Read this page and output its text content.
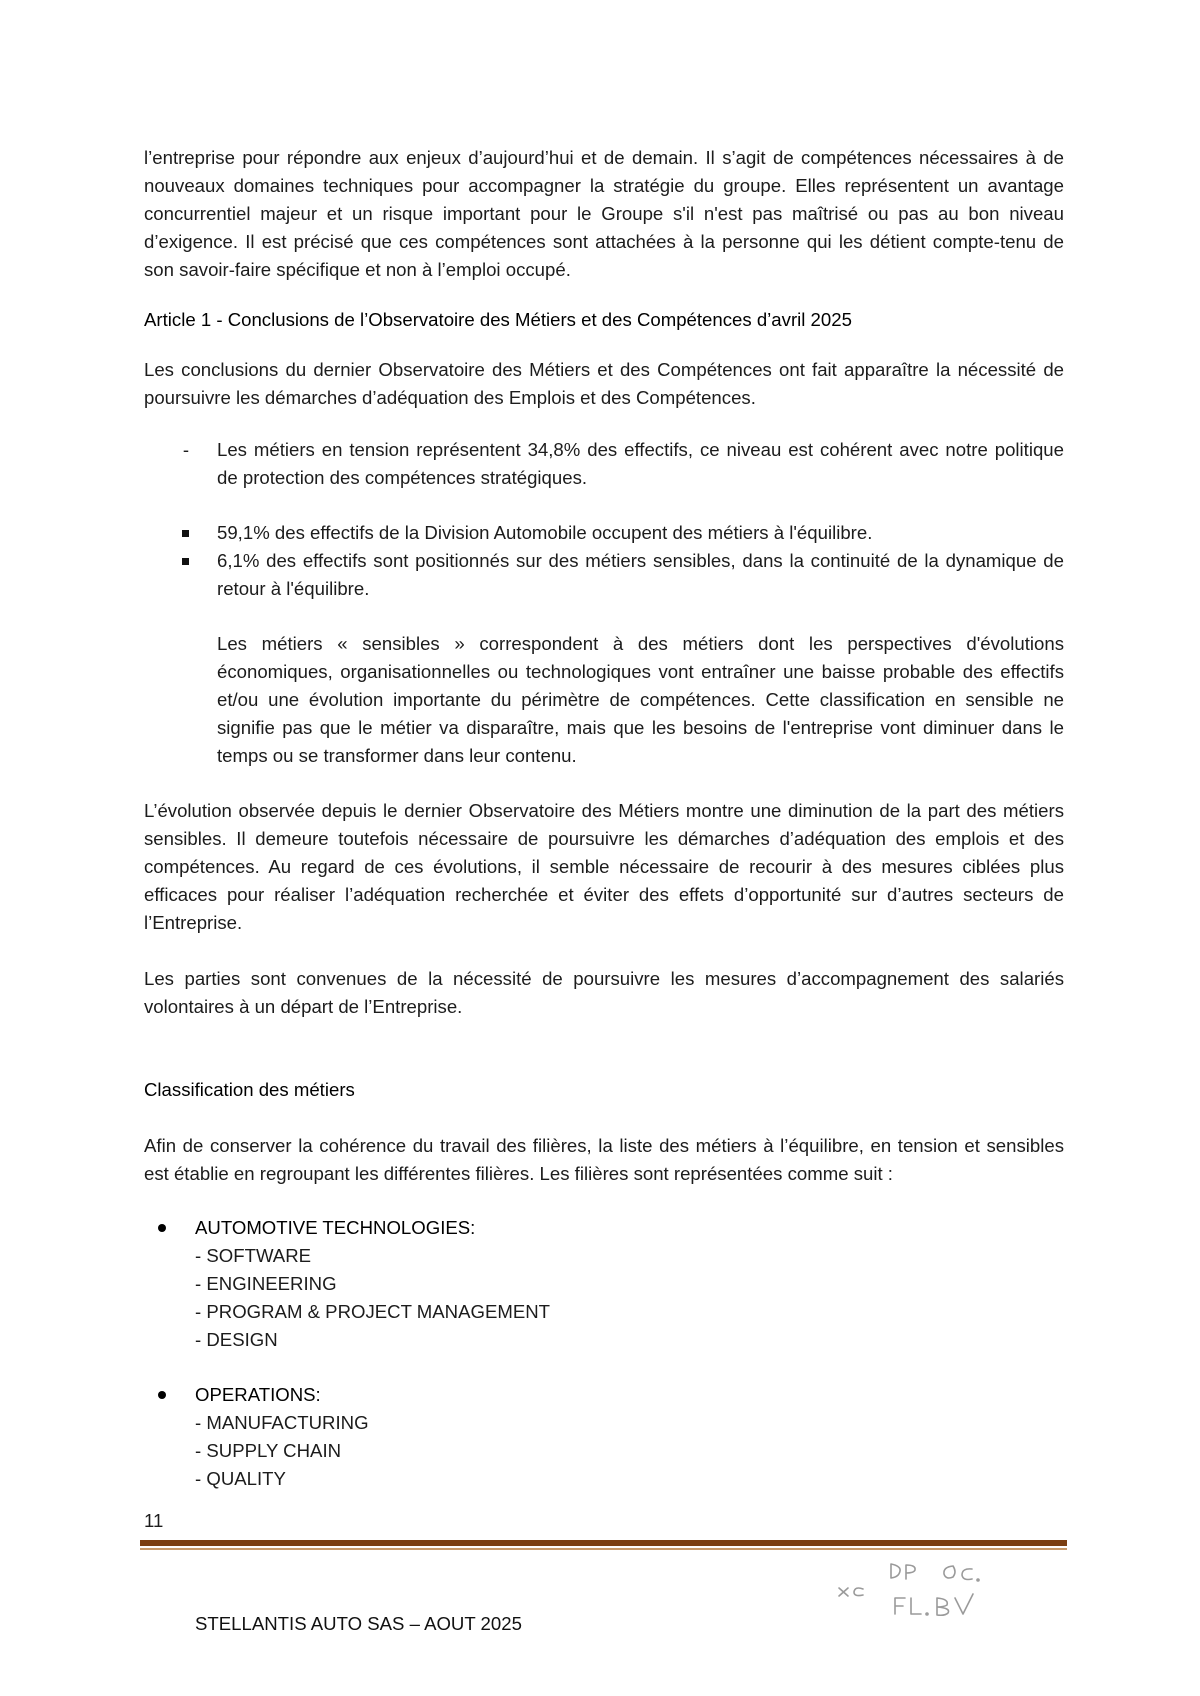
l’entreprise pour répondre aux enjeux d’aujourd’hui et de demain. Il s’agit de compétences nécessaires à de nouveaux domaines techniques pour accompagner la stratégie du groupe. Elles représentent un avantage concurrentiel majeur et un risque important pour le Groupe s'il n'est pas maîtrisé ou pas au bon niveau d’exigence. Il est précisé que ces compétences sont attachées à la personne qui les détient compte-tenu de son savoir-faire spécifique et non à l’emploi occupé.

Article 1 - Conclusions de l’Observatoire des Métiers et des Compétences d’avril 2025

Les conclusions du dernier Observatoire des Métiers et des Compétences ont fait apparaître la nécessité de poursuivre les démarches d’adéquation des Emplois et des Compétences.

- Les métiers en tension représentent 34,8% des effectifs, ce niveau est cohérent avec notre politique de protection des compétences stratégiques.
59,1% des effectifs de la Division Automobile occupent des métiers à l'équilibre.
6,1% des effectifs sont positionnés sur des métiers sensibles, dans la continuité de la dynamique de retour à l'équilibre.

Les métiers « sensibles » correspondent à des métiers dont les perspectives d'évolutions économiques, organisationnelles ou technologiques vont entraîner une baisse probable des effectifs et/ou une évolution importante du périmètre de compétences. Cette classification en sensible ne signifie pas que le métier va disparaître, mais que les besoins de l'entreprise vont diminuer dans le temps ou se transformer dans leur contenu.

L’évolution observée depuis le dernier Observatoire des Métiers montre une diminution de la part des métiers sensibles. Il demeure toutefois nécessaire de poursuivre les démarches d’adéquation des emplois et des compétences. Au regard de ces évolutions, il semble nécessaire de recourir à des mesures ciblées plus efficaces pour réaliser l’adéquation recherchée et éviter des effets d’opportunité sur d’autres secteurs de l’Entreprise.

Les parties sont convenues de la nécessité de poursuivre les mesures d’accompagnement des salariés volontaires à un départ de l’Entreprise.

Classification des métiers

Afin de conserver la cohérence du travail des filières, la liste des métiers à l’équilibre, en tension et sensibles est établie en regroupant les différentes filières. Les filières sont représentées comme suit :

AUTOMOTIVE TECHNOLOGIES:
- SOFTWARE
- ENGINEERING
- PROGRAM & PROJECT MANAGEMENT
- DESIGN
OPERATIONS:
- MANUFACTURING
- SUPPLY CHAIN
- QUALITY
11
STELLANTIS AUTO SAS – AOUT 2025
